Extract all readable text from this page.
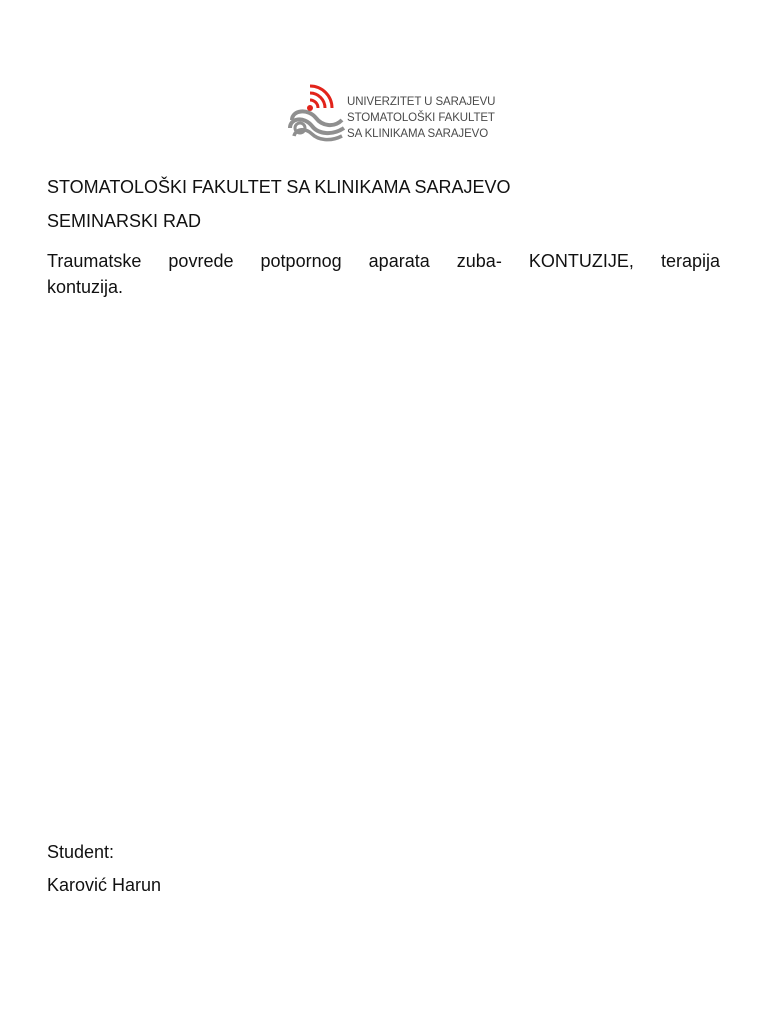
UNIVERZITET U SARAJEVU
STOMATOLOŠKI FAKULTET
SA KLINIKAMA SARAJEVO
STOMATOLOŠKI FAKULTET SA KLINIKAMA SARAJEVO
SEMINARSKI RAD
Traumatske povrede potpornog aparata zuba- KONTUZIJE, terapija
kontuzija.
Student:
Karović Harun
